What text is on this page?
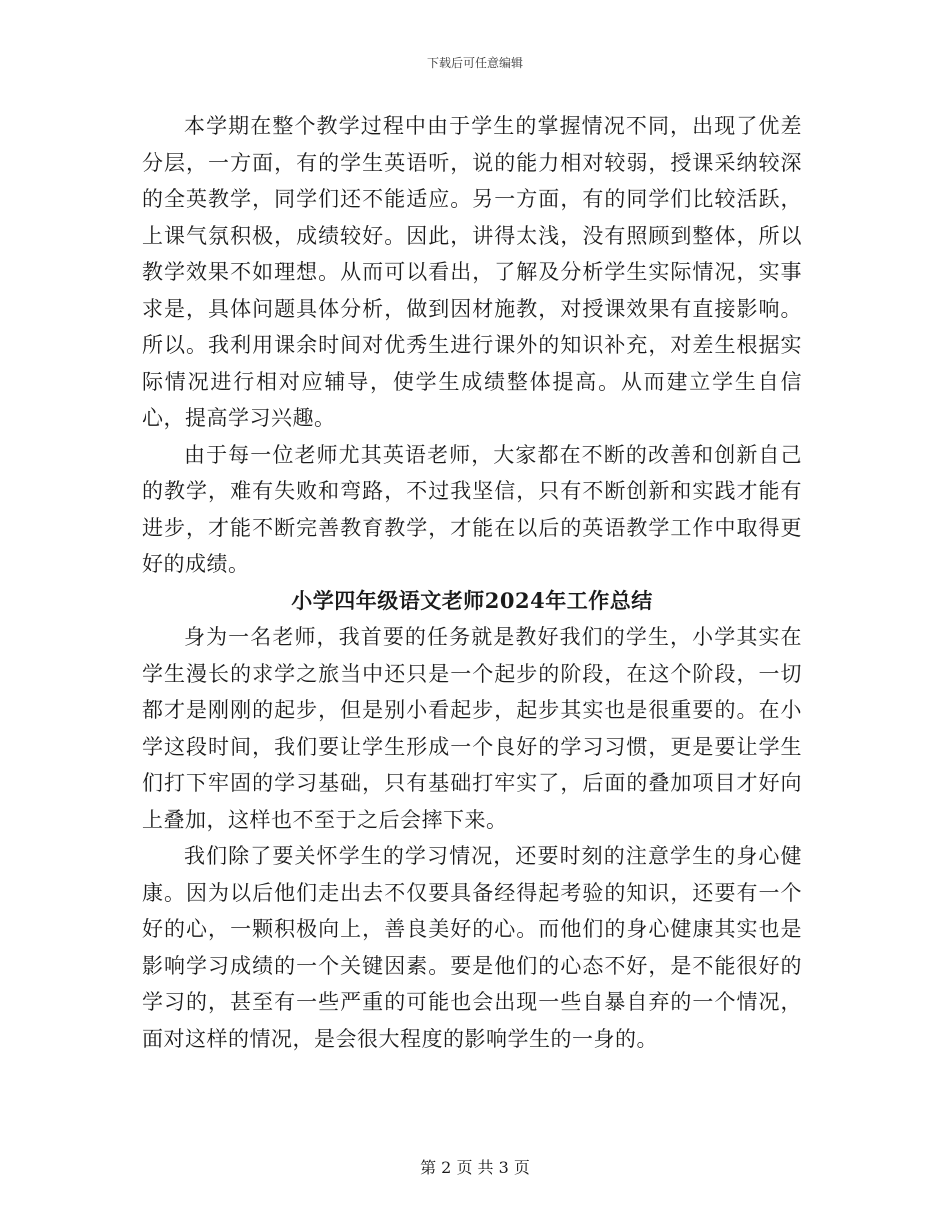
下载后可任意编辑

本学期在整个教学过程中由于学生的掌握情况不同，出现了优差分层，一方面，有的学生英语听，说的能力相对较弱，授课采纳较深的全英教学，同学们还不能适应。另一方面，有的同学们比较活跃，上课气氛积极，成绩较好。因此，讲得太浅，没有照顾到整体，所以教学效果不如理想。从而可以看出，了解及分析学生实际情况，实事求是，具体问题具体分析，做到因材施教，对授课效果有直接影响。所以。我利用课余时间对优秀生进行课外的知识补充，对差生根据实际情况进行相对应辅导，使学生成绩整体提高。从而建立学生自信心，提高学习兴趣。

由于每一位老师尤其英语老师，大家都在不断的改善和创新自己的教学，难有失败和弯路，不过我坚信，只有不断创新和实践才能有进步，才能不断完善教育教学，才能在以后的英语教学工作中取得更好的成绩。

小学四年级语文老师2024年工作总结

身为一名老师，我首要的任务就是教好我们的学生，小学其实在学生漫长的求学之旅当中还只是一个起步的阶段，在这个阶段，一切都才是刚刚的起步，但是别小看起步，起步其实也是很重要的。在小学这段时间，我们要让学生形成一个良好的学习习惯，更是要让学生们打下牢固的学习基础，只有基础打牢实了，后面的叠加项目才好向上叠加，这样也不至于之后会摔下来。

我们除了要关怀学生的学习情况，还要时刻的注意学生的身心健康。因为以后他们走出去不仅要具备经得起考验的知识，还要有一个好的心，一颗积极向上，善良美好的心。而他们的身心健康其实也是影响学习成绩的一个关键因素。要是他们的心态不好，是不能很好的学习的，甚至有一些严重的可能也会出现一些自暴自弃的一个情况，面对这样的情况，是会很大程度的影响学生的一身的。

第 2 页 共 3 页
